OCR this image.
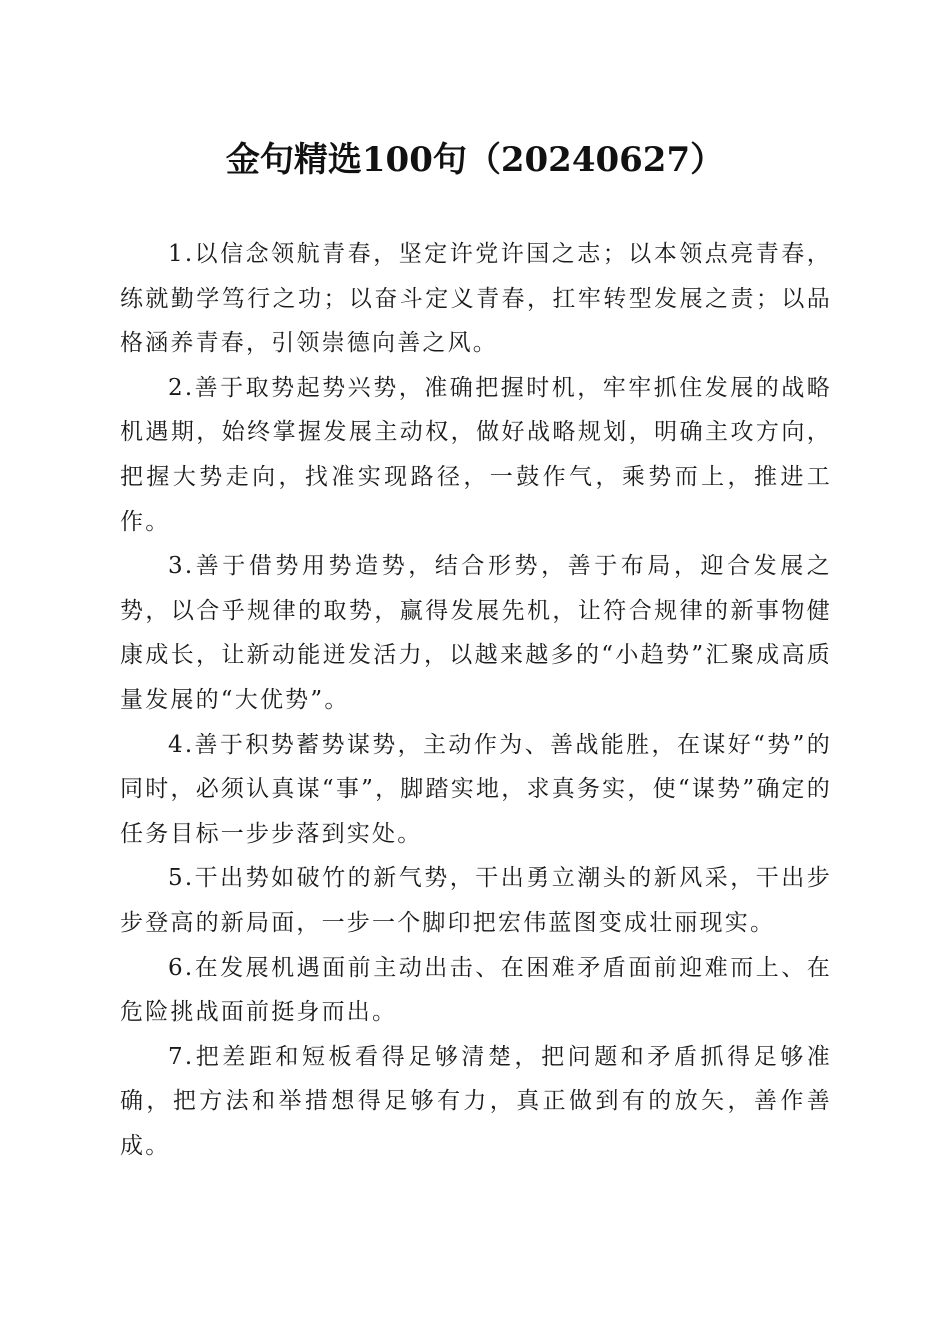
金句精选100句（20240627）

1.以信念领航青春，坚定许党许国之志；以本领点亮青春，练就勤学笃行之功；以奋斗定义青春，扛牢转型发展之责；以品格涵养青春，引领崇德向善之风。

2.善于取势起势兴势，准确把握时机，牢牢抓住发展的战略机遇期，始终掌握发展主动权，做好战略规划，明确主攻方向，把握大势走向，找准实现路径，一鼓作气，乘势而上，推进工作。

3.善于借势用势造势，结合形势，善于布局，迎合发展之势，以合乎规律的取势，赢得发展先机，让符合规律的新事物健康成长，让新动能迸发活力，以越来越多的“小趋势”汇聚成高质量发展的“大优势”。

4.善于积势蓄势谋势，主动作为、善战能胜，在谋好“势”的同时，必须认真谋“事”，脚踏实地，求真务实，使“谋势”确定的任务目标一步步落到实处。

5.干出势如破竹的新气势，干出勇立潮头的新风采，干出步步登高的新局面，一步一个脚印把宏伟蓝图变成壮丽现实。

6.在发展机遇面前主动出击、在困难矛盾面前迎难而上、在危险挑战面前挺身而出。

7.把差距和短板看得足够清楚，把问题和矛盾抓得足够准确，把方法和举措想得足够有力，真正做到有的放矢，善作善成。
